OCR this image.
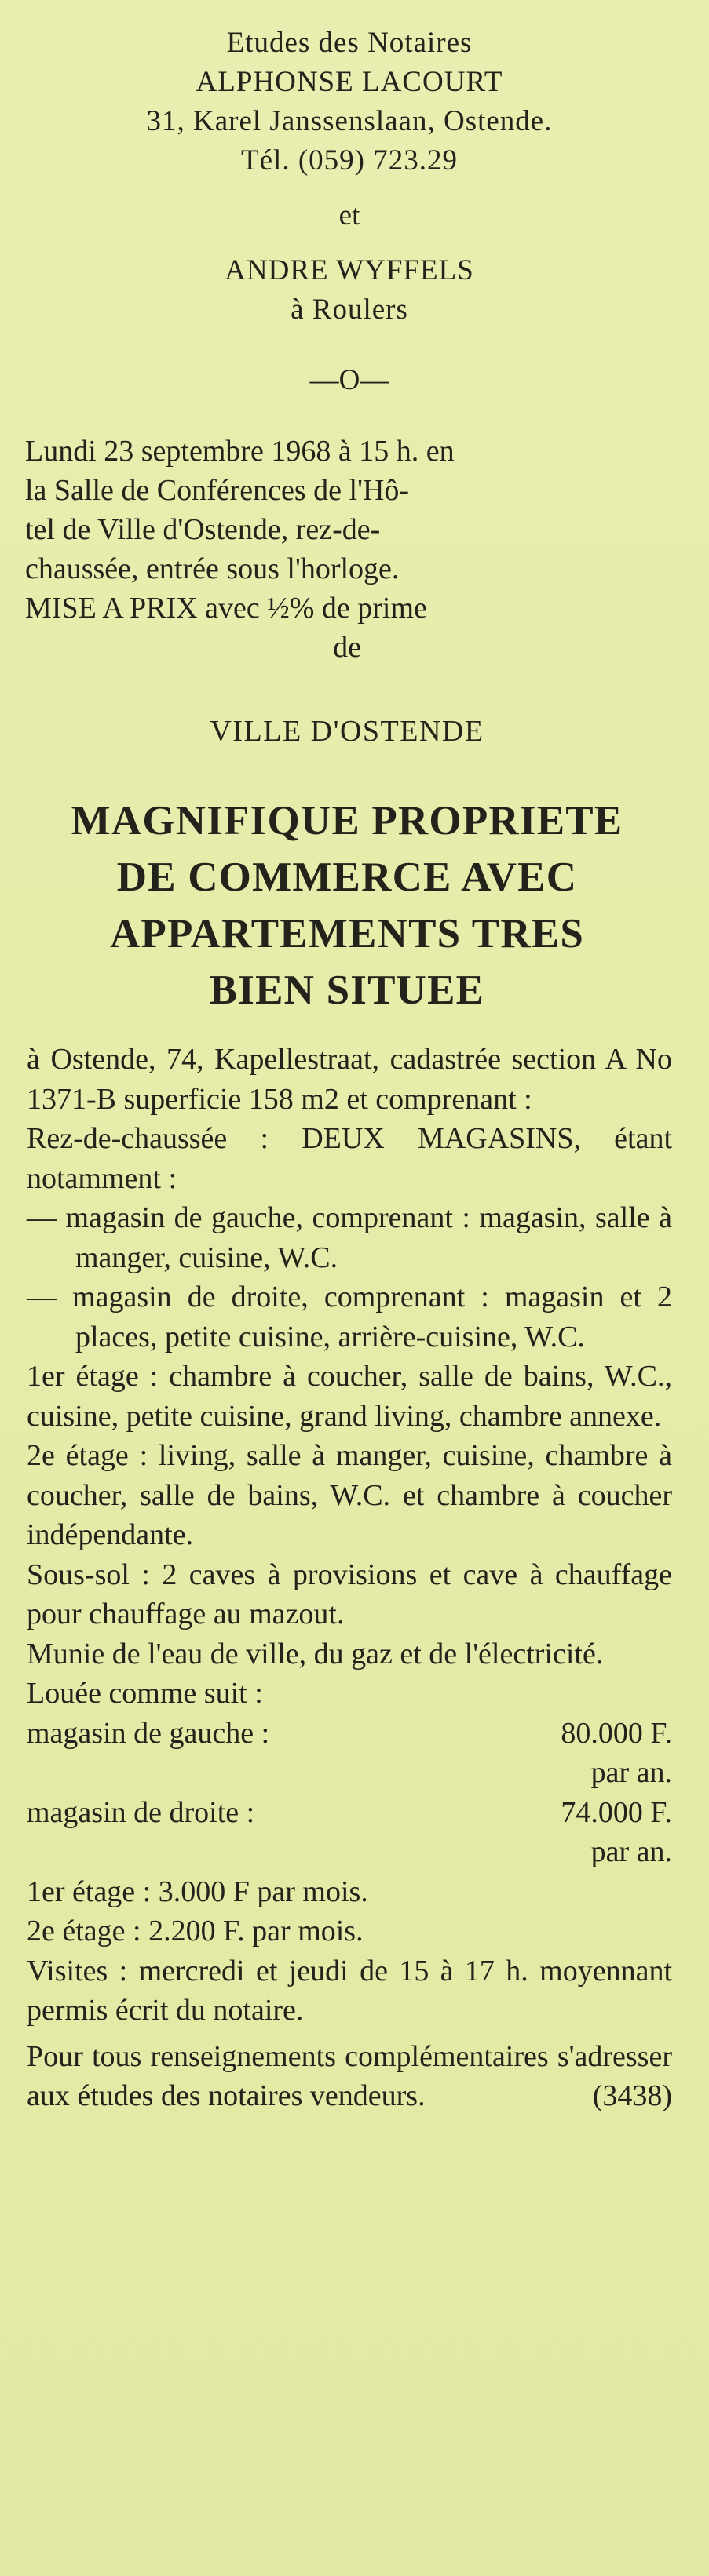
Etudes des Notaires
ALPHONSE LACOURT
31, Karel Janssenslaan, Ostende.
Tél. (059) 723.29
et
ANDRE WYFFELS
à Roulers
—O—
Lundi 23 septembre 1968 à 15 h. en
la Salle de Conférences de l'Hô-
tel de Ville d'Ostende, rez-de-
chaussée, entrée sous l'horloge.
MISE A PRIX avec ½% de prime
de
VILLE D'OSTENDE
MAGNIFIQUE PROPRIETE
DE COMMERCE AVEC
APPARTEMENTS TRES
BIEN SITUEE

à Ostende, 74, Kapellestraat, cadastrée section A No 1371-B superficie 158 m2 et comprenant :

Rez-de-chaussée : DEUX MAGASINS, étant notamment :

— magasin de gauche, comprenant : magasin, salle à manger, cuisine, W.C.

— magasin de droite, comprenant : magasin et 2 places, petite cuisine, arrière-cuisine, W.C.

1er étage : chambre à coucher, salle de bains, W.C., cuisine, petite cuisine, grand living, chambre annexe.

2e étage : living, salle à manger, cuisine, chambre à coucher, salle de bains, W.C. et chambre à coucher indépendante.

Sous-sol : 2 caves à provisions et cave à chauffage pour chauffage au mazout.

Munie de l'eau de ville, du gaz et de l'électricité.

Louée comme suit :

magasin de gauche :	80.000 F.
par an.
magasin de droite :	74.000 F.
par an.

1er étage : 3.000 F par mois.

2e étage : 2.200 F. par mois.

Visites : mercredi et jeudi de 15 à 17 h. moyennant permis écrit du notaire.

Pour tous renseignements complémentaires s'adresser aux études des notaires vendeurs.	(3438)
